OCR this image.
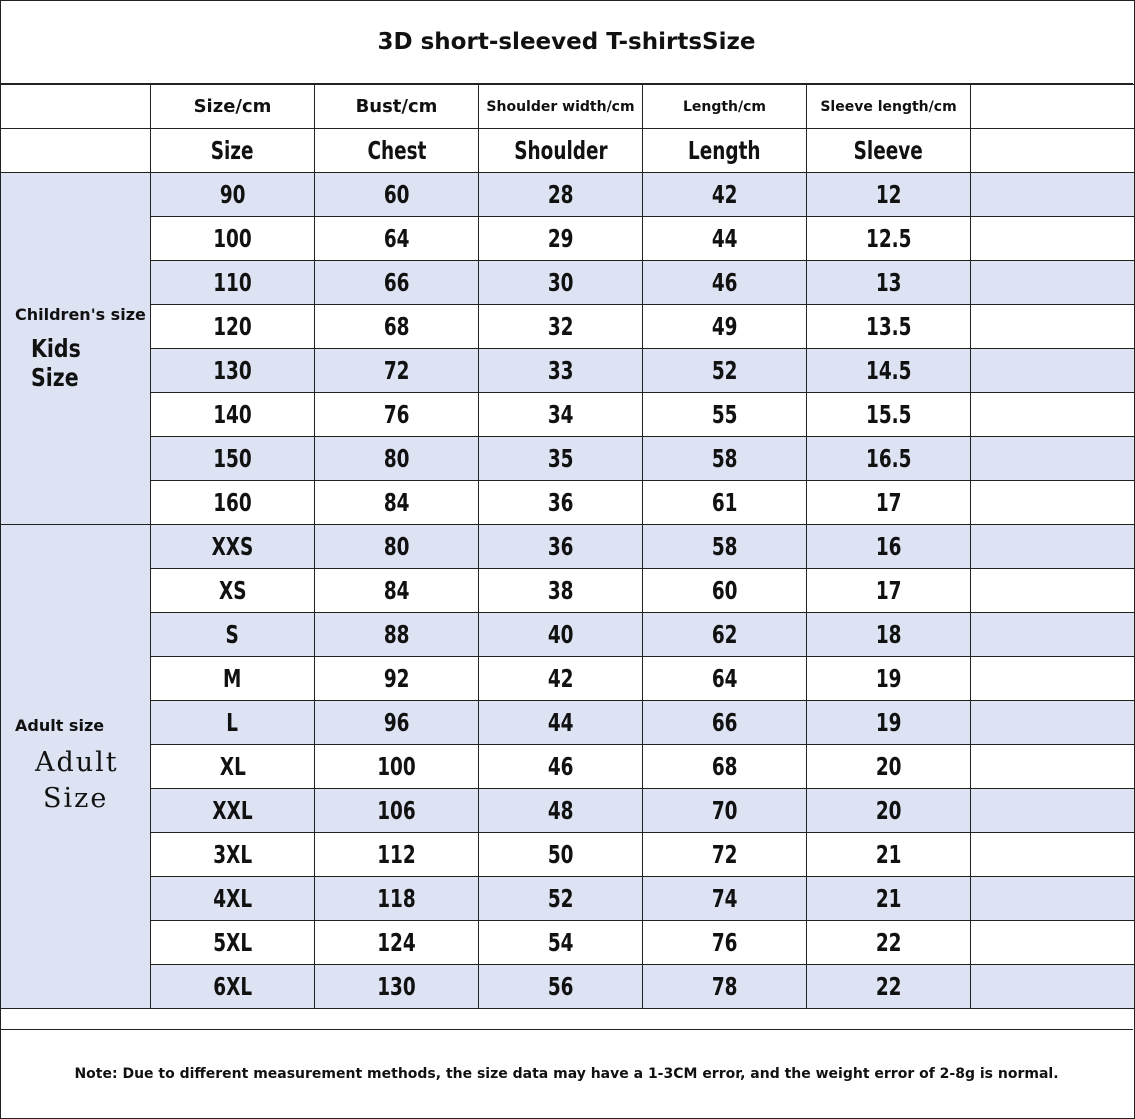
3D short-sleeved T-shirtsSize
	Size/cm	Bust/cm	Shoulder width/cm	Length/cm	Sleeve length/cm	
	Size	Chest	Shoulder	Length	Sleeve	

Children's size
Kids Size	90	60	28	42	12	
	100	64	29	44	12.5	
	110	66	30	46	13	
	120	68	32	49	13.5	
	130	72	33	52	14.5	
	140	76	34	55	15.5	
	150	80	35	58	16.5	
	160	84	36	61	17	

Adult size
Adult
Size	XXS	80	36	58	16	
	XS	84	38	60	17	
	S	88	40	62	18	
	M	92	42	64	19	
	L	96	44	66	19	
	XL	100	46	68	20	
	XXL	106	48	70	20	
	3XL	112	50	72	21	
	4XL	118	52	74	21	
	5XL	124	54	76	22	
	6XL	130	56	78	22	
Note: Due to different measurement methods, the size data may have a 1-3CM error, and the weight error of 2-8g is normal.
